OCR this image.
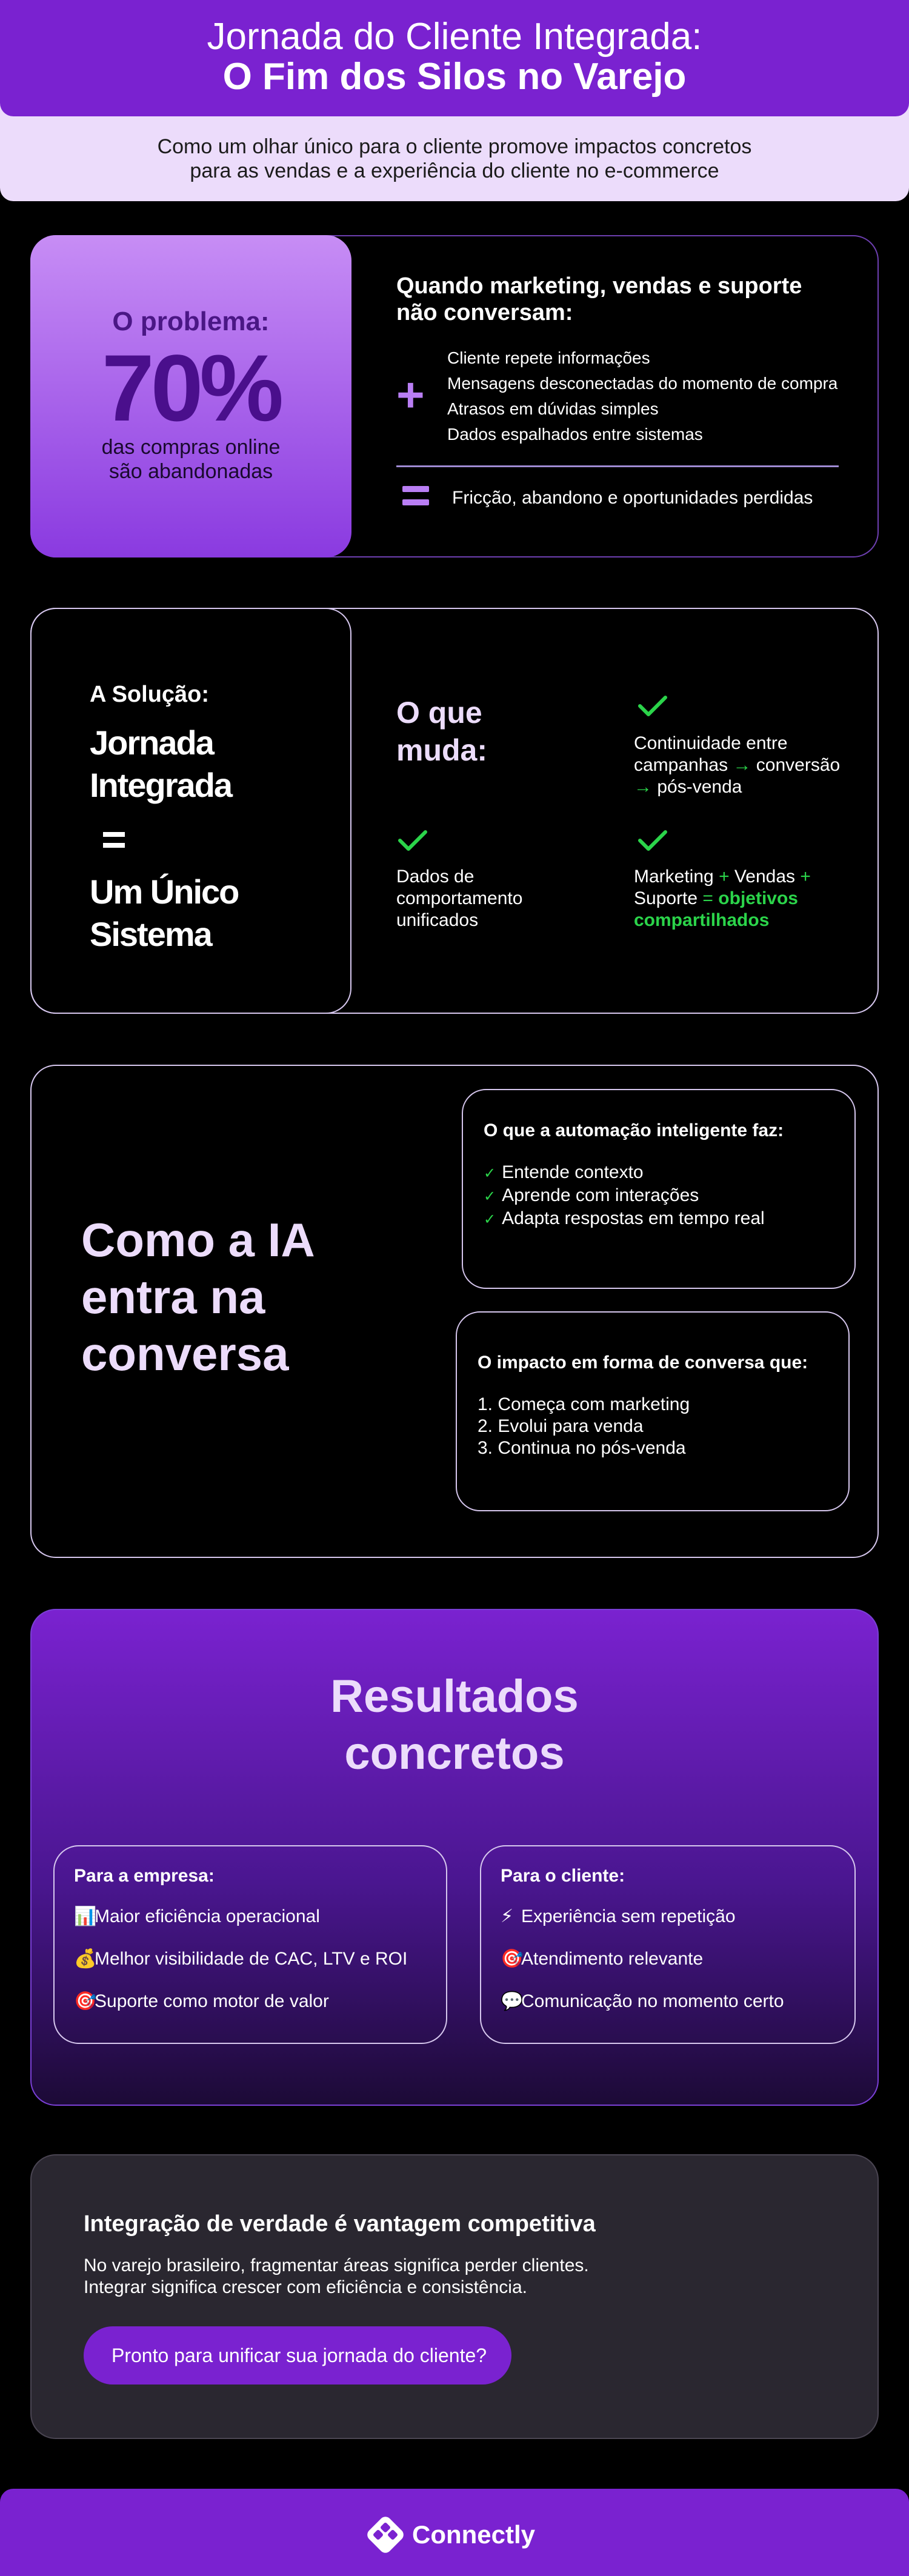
Jornada do Cliente Integrada:
O Fim dos Silos no Varejo
Como um olhar único para o cliente promove impactos concretos
para as vendas e a experiência do cliente no e-commerce
O problema:
70%
das compras online
são abandonadas
Quando marketing, vendas e suporte
não conversam:
+
Cliente repete informações
Mensagens desconectadas do momento de compra
Atrasos em dúvidas simples
Dados espalhados entre sistemas
Fricção, abandono e oportunidades perdidas
A Solução:
Jornada
Integrada
Um Único
Sistema
O que
muda:	Continuidade entre
campanhas → conversão
→ pós-venda
Dados de
comportamento
unificados
Marketing + Vendas +
Suporte = objetivos
compartilhados
Como a IA
entra na
conversa
O que a automação inteligente faz:
✓ Entende contexto
✓ Aprende com interações
✓ Adapta respostas em tempo real
O impacto em forma de conversa que:
1. Começa com marketing
2. Evolui para venda
3. Continua no pós-venda
Resultados
concretos
Para a empresa:
📊Maior eficiência operacional
💰Melhor visibilidade de CAC, LTV e ROI
🎯Suporte como motor de valor
Para o cliente:
⚡ Experiência sem repetição
🎯Atendimento relevante
💬Comunicação no momento certo
Integração de verdade é vantagem competitiva
No varejo brasileiro, fragmentar áreas significa perder clientes.
Integrar significa crescer com eficiência e consistência.
Pronto para unificar sua jornada do cliente?
Connectly
